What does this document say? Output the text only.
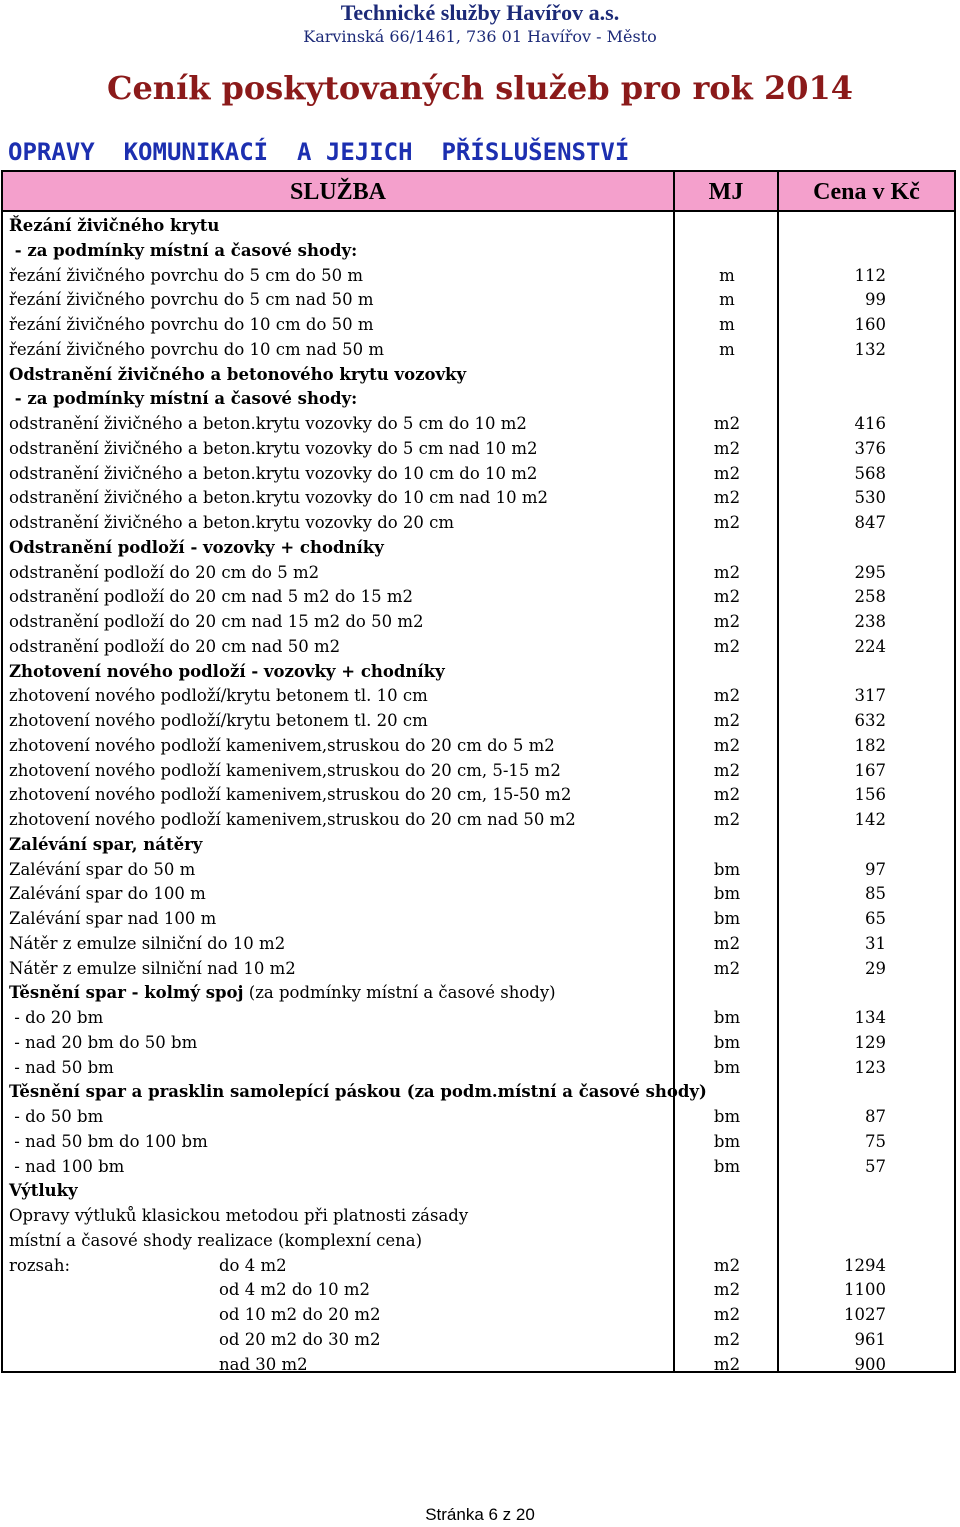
Technické služby Havířov a.s.
Karvinská 66/1461, 736 01 Havířov - Město
Ceník poskytovaných služeb pro rok 2014
OPRAVY  KOMUNIKACÍ  A JEJICH  PŘÍSLUŠENSTVÍ
SLUŽBA	MJ	Cena v Kč
Řezání živičného krytu
- za podmínky místní a časové shody:
řezání živičného povrchu do 5 cm do 50 m	m	112
řezání živičného povrchu do 5 cm nad 50 m	m	99
řezání živičného povrchu do 10 cm do 50 m	m	160
řezání živičného povrchu do 10 cm nad 50 m	m	132
Odstranění živičného a betonového krytu vozovky
- za podmínky místní a časové shody:
odstranění živičného a beton.krytu vozovky do 5 cm do 10 m2	m2	416
odstranění živičného a beton.krytu vozovky do 5 cm nad 10 m2	m2	376
odstranění živičného a beton.krytu vozovky do 10 cm do 10 m2	m2	568
odstranění živičného a beton.krytu vozovky do 10 cm nad 10 m2	m2	530
odstranění živičného a beton.krytu vozovky do 20 cm	m2	847
Odstranění podloží - vozovky + chodníky
odstranění podloží do 20 cm do 5 m2	m2	295
odstranění podloží do 20 cm nad 5 m2 do 15 m2	m2	258
odstranění podloží do 20 cm nad 15 m2 do 50 m2	m2	238
odstranění podloží do 20 cm nad 50 m2	m2	224
Zhotovení nového podloží - vozovky + chodníky
zhotovení nového podloží/krytu betonem tl. 10 cm	m2	317
zhotovení nového podloží/krytu betonem tl. 20 cm	m2	632
zhotovení nového podloží kamenivem,struskou do 20 cm do 5 m2	m2	182
zhotovení nového podloží kamenivem,struskou do 20 cm, 5-15 m2	m2	167
zhotovení nového podloží kamenivem,struskou do 20 cm, 15-50 m2	m2	156
zhotovení nového podloží kamenivem,struskou do 20 cm nad 50 m2	m2	142
Zalévání spar, nátěry
Zalévání spar do 50 m	bm	97
Zalévání spar do 100 m	bm	85
Zalévání spar nad 100 m	bm	65
Nátěr z emulze silniční do 10 m2	m2	31
Nátěr z emulze silniční nad 10 m2	m2	29
Těsnění spar - kolmý spoj (za podmínky místní a časové shody)
- do 20 bm	bm	134
- nad 20 bm do 50 bm	bm	129
- nad 50 bm	bm	123
Těsnění spar a prasklin samolepící páskou (za podm.místní a časové shody)
- do 50 bm	bm	87
- nad 50 bm do 100 bm	bm	75
- nad 100 bm	bm	57
Výtluky
Opravy výtluků klasickou metodou při platnosti zásady
místní a časové shody realizace (komplexní cena)
rozsah:	do 4 m2	m2	1294
od 4 m2 do 10 m2	m2	1100
od 10 m2 do 20 m2	m2	1027
od 20 m2 do 30 m2	m2	961
nad 30 m2	m2	900
Stránka 6 z 20
